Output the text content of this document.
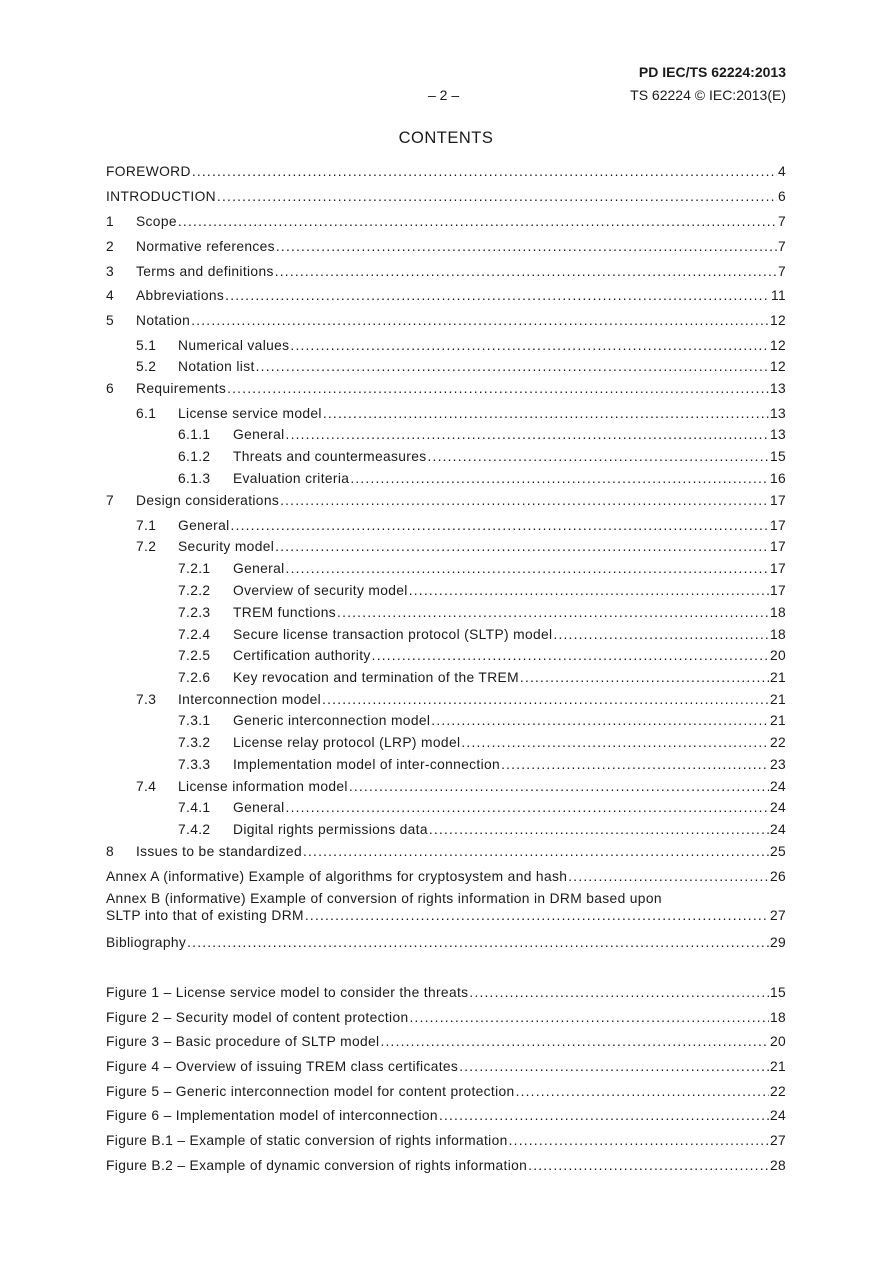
PD IEC/TS 62224:2013
– 2 –	TS 62224 © IEC:2013(E)
CONTENTS
FOREWORD .....	4
INTRODUCTION .....	6
1	Scope .....	7
2	Normative references .....	7
3	Terms and definitions .....	7
4	Abbreviations .....	11
5	Notation .....	12
5.1	Numerical values .....	12
5.2	Notation list .....	12
6	Requirements .....	13
6.1	License service model .....	13
6.1.1	General .....	13
6.1.2	Threats and countermeasures .....	15
6.1.3	Evaluation criteria .....	16
7	Design considerations .....	17
7.1	General .....	17
7.2	Security model .....	17
7.2.1	General .....	17
7.2.2	Overview of security model .....	17
7.2.3	TREM functions .....	18
7.2.4	Secure license transaction protocol (SLTP) model .....	18
7.2.5	Certification authority .....	20
7.2.6	Key revocation and termination of the TREM .....	21
7.3	Interconnection model .....	21
7.3.1	Generic interconnection model .....	21
7.3.2	License relay protocol (LRP) model .....	22
7.3.3	Implementation model of inter-connection .....	23
7.4	License information model .....	24
7.4.1	General .....	24
7.4.2	Digital rights permissions data .....	24
8	Issues to be standardized .....	25
Annex A (informative) Example of algorithms for cryptosystem and hash .....	26
Annex B (informative) Example of conversion of rights information in DRM based upon
SLTP into that of existing DRM .....	27
Bibliography .....	29
Figure 1 – License service model to consider the threats .....	15
Figure 2 – Security model of content protection .....	18
Figure 3 – Basic procedure of SLTP model .....	20
Figure 4 – Overview of issuing TREM class certificates .....	21
Figure 5 – Generic interconnection model for content protection .....	22
Figure 6 – Implementation model of interconnection .....	24
Figure B.1 – Example of static conversion of rights information .....	27
Figure B.2 – Example of dynamic conversion of rights information .....	28
